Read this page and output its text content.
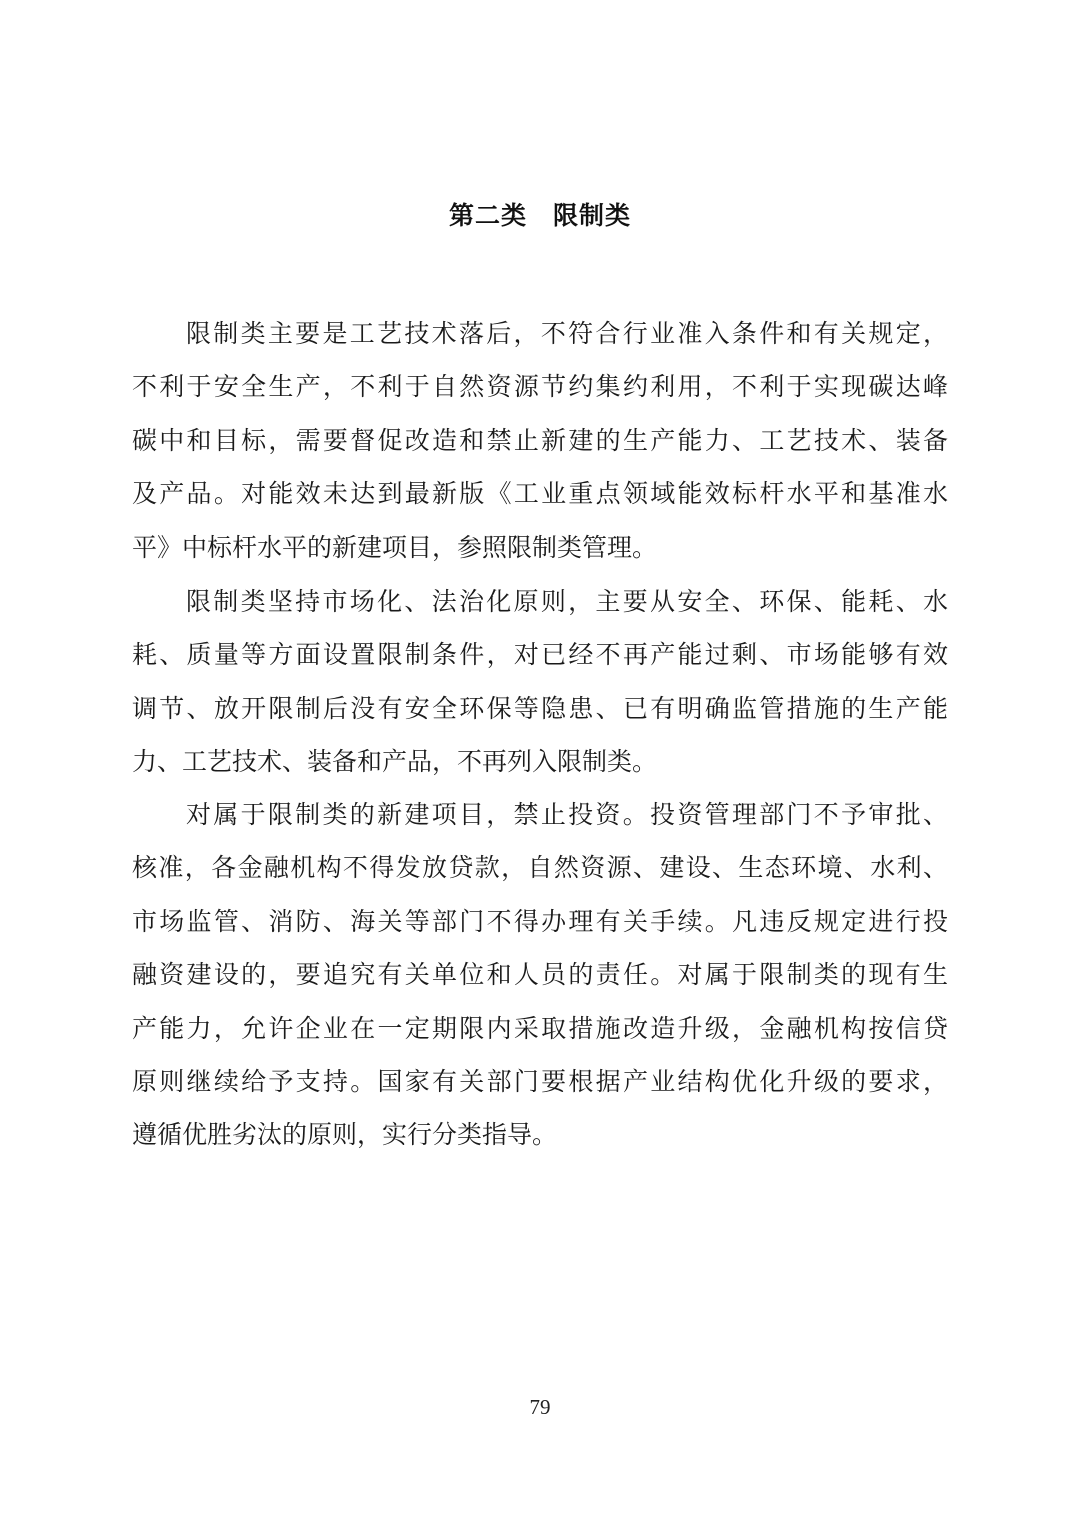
第二类　限制类
限制类主要是工艺技术落后，不符合行业准入条件和有关规定，
不利于安全生产，不利于自然资源节约集约利用，不利于实现碳达峰
碳中和目标，需要督促改造和禁止新建的生产能力、工艺技术、装备
及产品。对能效未达到最新版《工业重点领域能效标杆水平和基准水
平》中标杆水平的新建项目，参照限制类管理。
限制类坚持市场化、法治化原则，主要从安全、环保、能耗、水
耗、质量等方面设置限制条件，对已经不再产能过剩、市场能够有效
调节、放开限制后没有安全环保等隐患、已有明确监管措施的生产能
力、工艺技术、装备和产品，不再列入限制类。
对属于限制类的新建项目，禁止投资。投资管理部门不予审批、
核准，各金融机构不得发放贷款，自然资源、建设、生态环境、水利、
市场监管、消防、海关等部门不得办理有关手续。凡违反规定进行投
融资建设的，要追究有关单位和人员的责任。对属于限制类的现有生
产能力，允许企业在一定期限内采取措施改造升级，金融机构按信贷
原则继续给予支持。国家有关部门要根据产业结构优化升级的要求，
遵循优胜劣汰的原则，实行分类指导。
79
